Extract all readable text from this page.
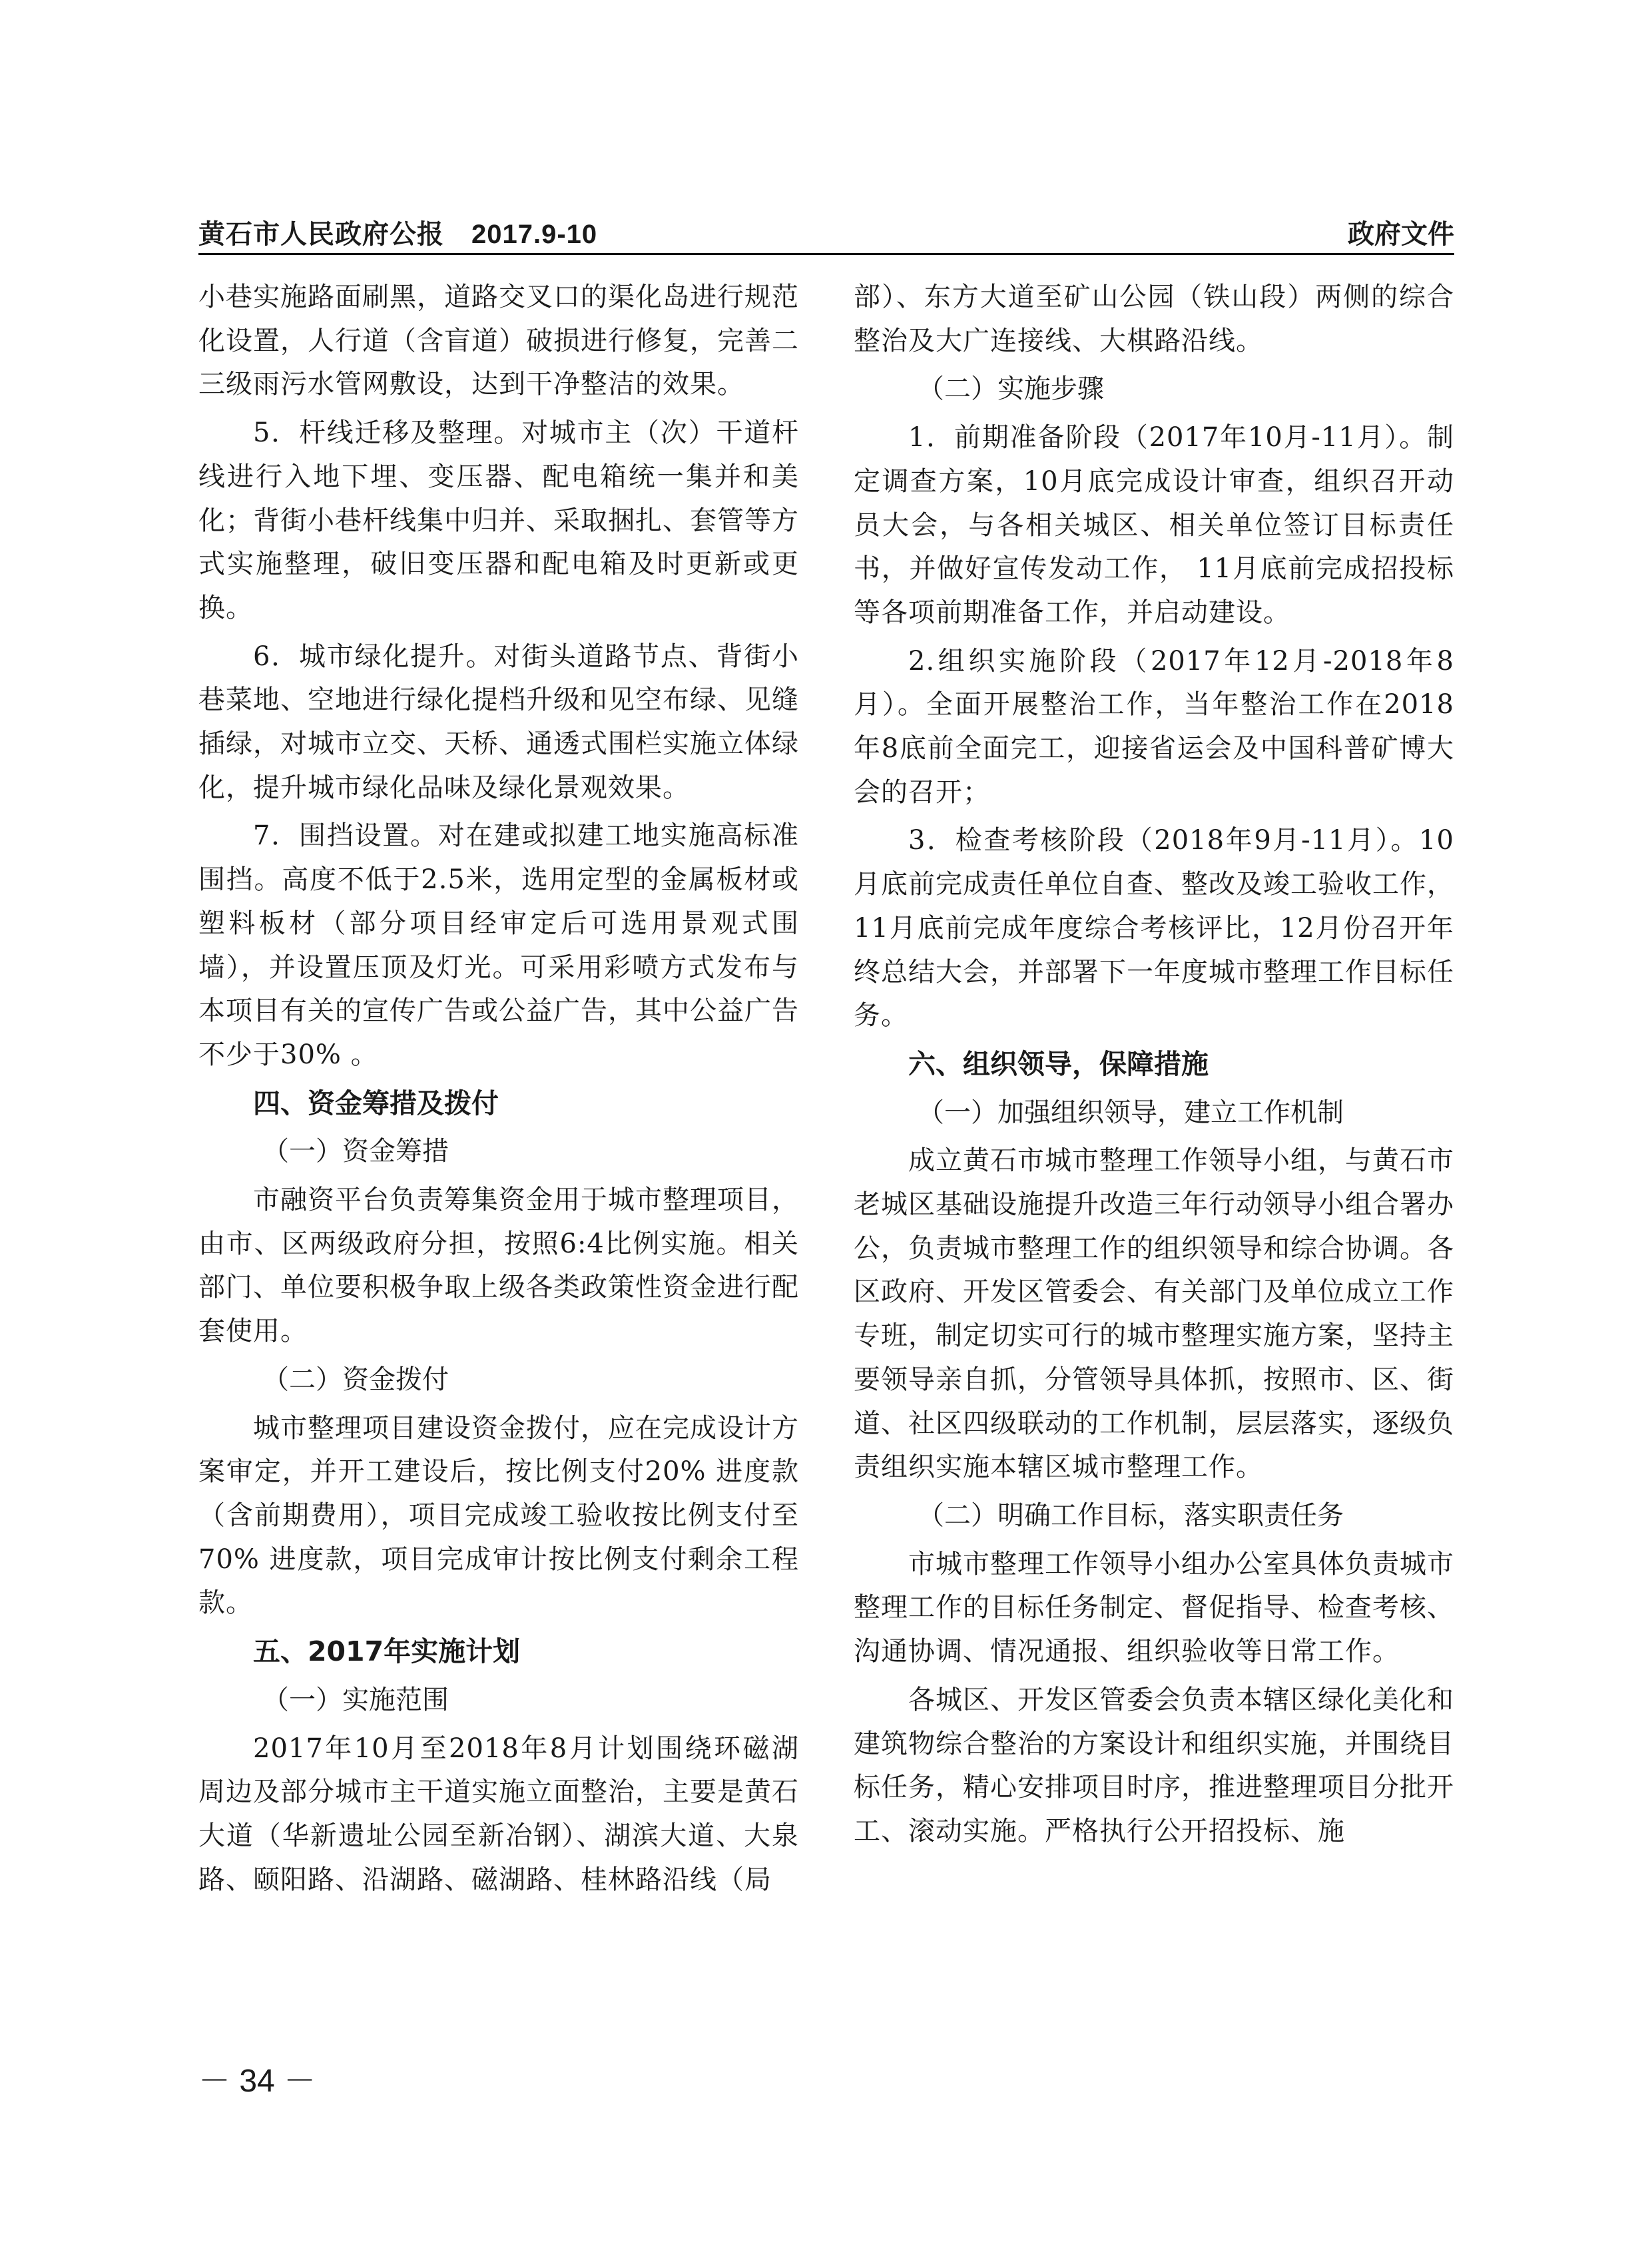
黄石市人民政府公报　2017.9-10	政府文件

小巷实施路面刷黑，道路交叉口的渠化岛进行规范化设置，人行道（含盲道）破损进行修复，完善二三级雨污水管网敷设，达到干净整洁的效果。

5．杆线迁移及整理。对城市主（次）干道杆线进行入地下埋、变压器、配电箱统一集并和美化；背街小巷杆线集中归并、采取捆扎、套管等方式实施整理，破旧变压器和配电箱及时更新或更换。

6．城市绿化提升。对街头道路节点、背街小巷菜地、空地进行绿化提档升级和见空布绿、见缝插绿，对城市立交、天桥、通透式围栏实施立体绿化，提升城市绿化品味及绿化景观效果。

7．围挡设置。对在建或拟建工地实施高标准围挡。高度不低于2.5米，选用定型的金属板材或塑料板材（部分项目经审定后可选用景观式围墙），并设置压顶及灯光。可采用彩喷方式发布与本项目有关的宣传广告或公益广告，其中公益广告不少于30% 。

四、资金筹措及拨付
（一）资金筹措

市融资平台负责筹集资金用于城市整理项目，由市、区两级政府分担，按照6:4比例实施。相关部门、单位要积极争取上级各类政策性资金进行配套使用。

（二）资金拨付

城市整理项目建设资金拨付，应在完成设计方案审定，并开工建设后，按比例支付20% 进度款（含前期费用），项目完成竣工验收按比例支付至70% 进度款，项目完成审计按比例支付剩余工程款。

五、2017年实施计划
（一）实施范围

2017年10月至2018年8月计划围绕环磁湖周边及部分城市主干道实施立面整治，主要是黄石大道（华新遗址公园至新冶钢）、湖滨大道、大泉路、颐阳路、沿湖路、磁湖路、桂林路沿线（局

部）、东方大道至矿山公园（铁山段）两侧的综合整治及大广连接线、大棋路沿线。

（二）实施步骤

1．前期准备阶段（2017年10月-11月）。制定调查方案，10月底完成设计审查，组织召开动员大会，与各相关城区、相关单位签订目标责任书，并做好宣传发动工作， 11月底前完成招投标等各项前期准备工作，并启动建设。

2.组织实施阶段（2017年12月-2018年8月）。全面开展整治工作，当年整治工作在2018年8底前全面完工，迎接省运会及中国科普矿博大会的召开；

3．检查考核阶段（2018年9月-11月）。10月底前完成责任单位自查、整改及竣工验收工作， 11月底前完成年度综合考核评比，12月份召开年终总结大会，并部署下一年度城市整理工作目标任务。

六、组织领导，保障措施
（一）加强组织领导，建立工作机制

成立黄石市城市整理工作领导小组，与黄石市老城区基础设施提升改造三年行动领导小组合署办公，负责城市整理工作的组织领导和综合协调。各区政府、开发区管委会、有关部门及单位成立工作专班，制定切实可行的城市整理实施方案，坚持主要领导亲自抓，分管领导具体抓，按照市、区、街道、社区四级联动的工作机制，层层落实，逐级负责组织实施本辖区城市整理工作。

（二）明确工作目标，落实职责任务

市城市整理工作领导小组办公室具体负责城市整理工作的目标任务制定、督促指导、检查考核、沟通协调、情况通报、组织验收等日常工作。

各城区、开发区管委会负责本辖区绿化美化和建筑物综合整治的方案设计和组织实施，并围绕目标任务，精心安排项目时序，推进整理项目分批开工、滚动实施。严格执行公开招投标、施

－ 34 －
